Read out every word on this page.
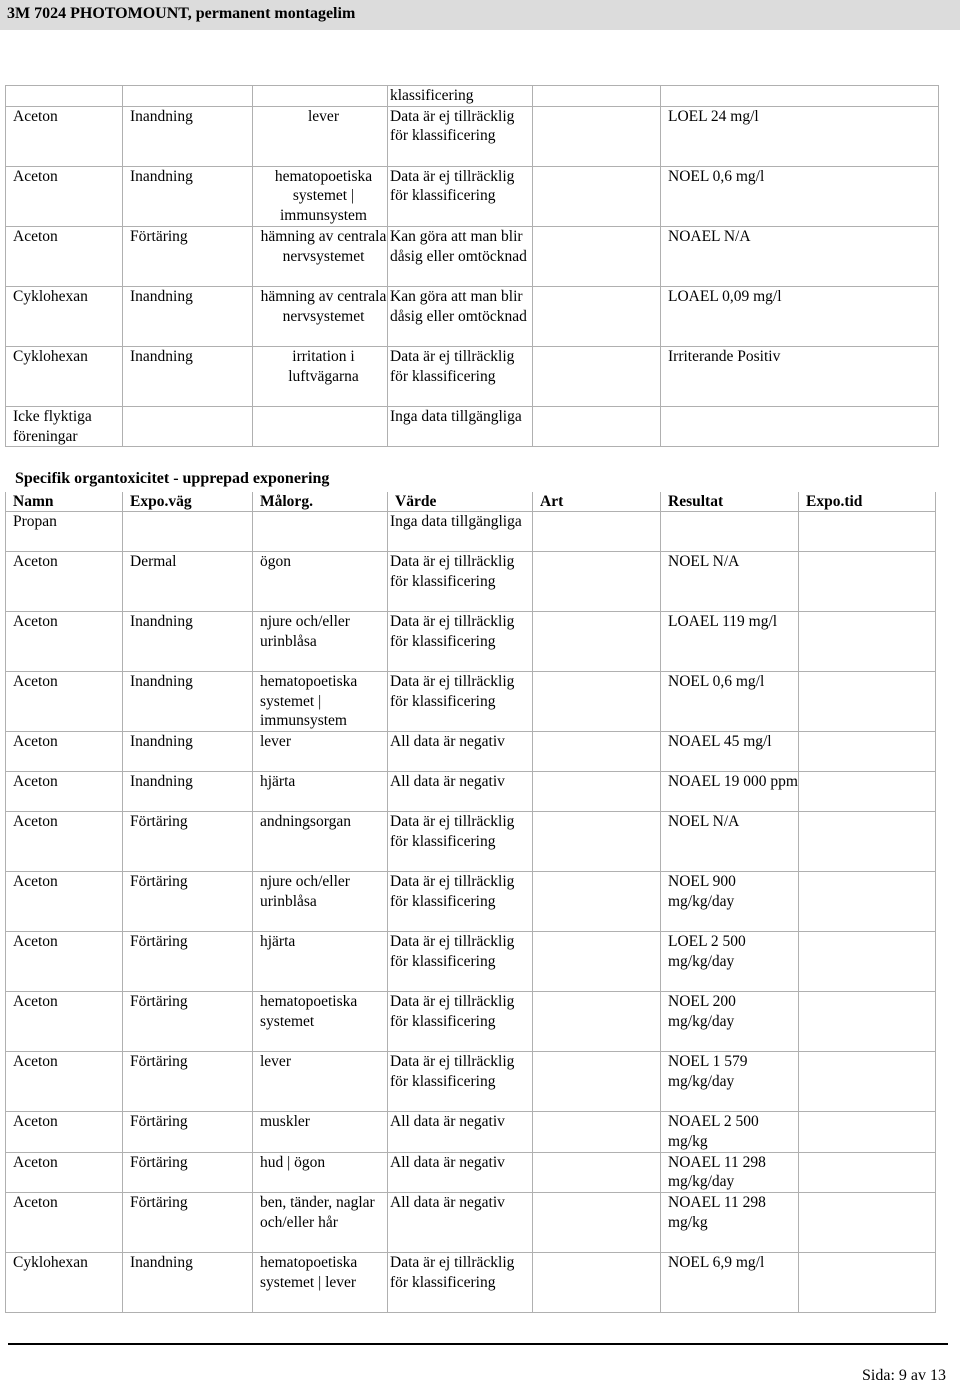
3M 7024 PHOTOMOUNT, permanent montagelim
			klassificering		
Aceton	Inandning	lever	Data är ej tillräcklig för klassificering		LOEL 24 mg/l
Aceton	Inandning	hematopoetiska systemet | immunsystem	Data är ej tillräcklig för klassificering		NOEL 0,6 mg/l
Aceton	Förtäring	hämning av centrala nervsystemet	Kan göra att man blir dåsig eller omtöcknad		NOAEL N/A
Cyklohexan	Inandning	hämning av centrala nervsystemet	Kan göra att man blir dåsig eller omtöcknad		LOAEL 0,09 mg/l
Cyklohexan	Inandning	irritation i luftvägarna	Data är ej tillräcklig för klassificering		Irriterande Positiv
Icke flyktiga föreningar			Inga data tillgängliga		
Specifik organtoxicitet - upprepad exponering
Namn	Expo.väg	Målorg.	Värde	Art	Resultat	Expo.tid
Propan			Inga data tillgängliga			
Aceton	Dermal	ögon	Data är ej tillräcklig för klassificering		NOEL N/A	
Aceton	Inandning	njure och/eller urinblåsa	Data är ej tillräcklig för klassificering		LOAEL 119 mg/l	
Aceton	Inandning	hematopoetiska systemet | immunsystem	Data är ej tillräcklig för klassificering		NOEL 0,6 mg/l	
Aceton	Inandning	lever	All data är negativ		NOAEL 45 mg/l	
Aceton	Inandning	hjärta	All data är negativ		NOAEL 19 000 ppm	
Aceton	Förtäring	andningsorgan	Data är ej tillräcklig för klassificering		NOEL N/A	
Aceton	Förtäring	njure och/eller urinblåsa	Data är ej tillräcklig för klassificering		NOEL 900 mg/kg/day	
Aceton	Förtäring	hjärta	Data är ej tillräcklig för klassificering		LOEL 2 500 mg/kg/day	
Aceton	Förtäring	hematopoetiska systemet	Data är ej tillräcklig för klassificering		NOEL 200 mg/kg/day	
Aceton	Förtäring	lever	Data är ej tillräcklig för klassificering		NOEL 1 579 mg/kg/day	
Aceton	Förtäring	muskler	All data är negativ		NOAEL 2 500 mg/kg	
Aceton	Förtäring	hud | ögon	All data är negativ		NOAEL 11 298 mg/kg/day	
Aceton	Förtäring	ben, tänder, naglar och/eller hår	All data är negativ		NOAEL 11 298 mg/kg	
Cyklohexan	Inandning	hematopoetiska systemet | lever	Data är ej tillräcklig för klassificering		NOEL 6,9 mg/l	
Sida: 9 av 13
